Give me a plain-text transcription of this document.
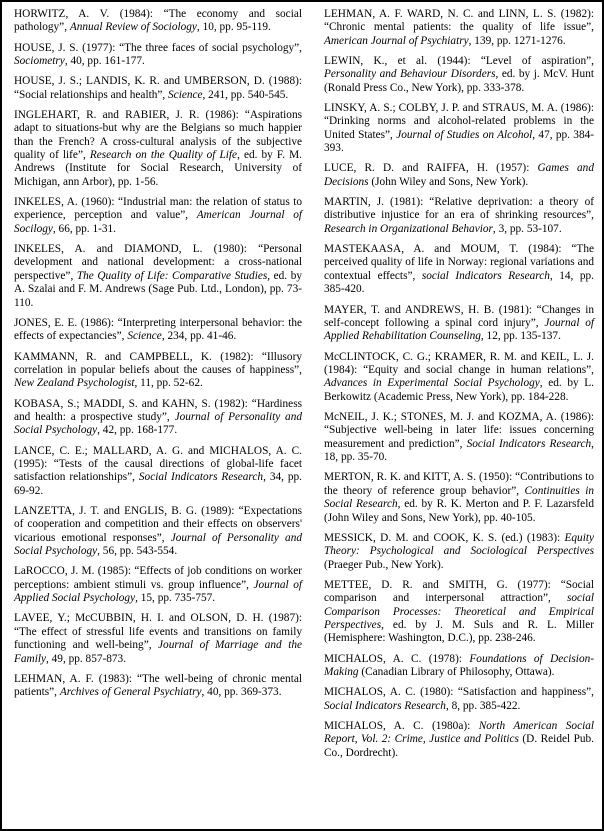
HORWITZ, A. V. (1984): “The economy and social pathology”, Annual Review of Sociology, 10, pp. 95-119.

HOUSE, J. S. (1977): “The three faces of social psychology”, Sociometry, 40, pp. 161-177.

HOUSE, J. S.; LANDIS, K. R. and UMBERSON, D. (1988): “Social relationships and health”, Science, 241, pp. 540-545.

INGLEHART, R. and RABIER, J. R. (1986): “Aspirations adapt to situations-but why are the Belgians so much happier than the French? A cross-cultural analysis of the subjective quality of life”, Research on the Quality of Life, ed. by F. M. Andrews (Institute for Social Research, University of Michigan, ann Arbor), pp. 1-56.

INKELES, A. (1960): “Industrial man: the relation of status to experience, perception and value”, American Journal of Socilogy, 66, pp. 1-31.

INKELES, A. and DIAMOND, L. (1980): “Personal development and national development: a cross-national perspective”, The Quality of Life: Comparative Studies, ed. by A. Szalai and F. M. Andrews (Sage Pub. Ltd., London), pp. 73-110.

JONES, E. E. (1986): “Interpreting interpersonal behavior: the effects of expectancies”, Science, 234, pp. 41-46.

KAMMANN, R. and CAMPBELL, K. (1982): “Illusory correlation in popular beliefs about the causes of happiness”, New Zealand Psychologist, 11, pp. 52-62.

KOBASA, S.; MADDI, S. and KAHN, S. (1982): “Hardiness and health: a prospective study”, Journal of Personality and Social Psychology, 42, pp. 168-177.

LANCE, C. E.; MALLARD, A. G. and MICHALOS, A. C. (1995): “Tests of the causal directions of global-life facet satisfaction relationships”, Social Indicators Research, 34, pp. 69-92.

LANZETTA, J. T. and ENGLIS, B. G. (1989): “Expectations of cooperation and competition and their effects on observers' vicarious emotional responses”, Journal of Personality and Social Psychology, 56, pp. 543-554.

LaROCCO, J. M. (1985): “Effects of job conditions on worker perceptions: ambient stimuli vs. group influence”, Journal of Applied Social Psychology, 15, pp. 735-757.

LAVEE, Y.; McCUBBIN, H. I. and OLSON, D. H. (1987): “The effect of stressful life events and transitions on family functioning and well-being”, Journal of Marriage and the Family, 49, pp. 857-873.

LEHMAN, A. F. (1983): “The well-being of chronic mental patients”, Archives of General Psychiatry, 40, pp. 369-373.

LEHMAN, A. F. WARD, N. C. and LINN, L. S. (1982): “Chronic mental patients: the quality of life issue”, American Journal of Psychiatry, 139, pp. 1271-1276.

LEWIN, K., et al. (1944): “Level of aspiration”, Personality and Behaviour Disorders, ed. by j. McV. Hunt (Ronald Press Co., New York), pp. 333-378.

LINSKY, A. S.; COLBY, J. P. and STRAUS, M. A. (1986): “Drinking norms and alcohol-related problems in the United States”, Journal of Studies on Alcohol, 47, pp. 384-393.

LUCE, R. D. and RAIFFA, H. (1957): Games and Decisions (John Wiley and Sons, New York).

MARTIN, J. (1981): “Relative deprivation: a theory of distributive injustice for an era of shrinking resources”, Research in Organizational Behavior, 3, pp. 53-107.

MASTEKAASA, A. and MOUM, T. (1984): “The perceived quality of life in Norway: regional variations and contextual effects”, social Indicators Research, 14, pp. 385-420.

MAYER, T. and ANDREWS, H. B. (1981): “Changes in self-concept following a spinal cord injury”, Journal of Applied Rehabilitation Counseling, 12, pp. 135-137.

McCLINTOCK, C. G.; KRAMER, R. M. and KEIL, L. J. (1984): “Equity and social change in human relations”, Advances in Experimental Social Psychology, ed. by L. Berkowitz (Academic Press, New York), pp. 184-228.

McNEIL, J. K.; STONES, M. J. and KOZMA, A. (1986): “Subjective well-being in later life: issues concerning measurement and prediction”, Social Indicators Research, 18, pp. 35-70.

MERTON, R. K. and KITT, A. S. (1950): “Contributions to the theory of reference group behavior”, Continuities in Social Research, ed. by R. K. Merton and P. F. Lazarsfeld (John Wiley and Sons, New York), pp. 40-105.

MESSICK, D. M. and COOK, K. S. (ed.) (1983): Equity Theory: Psychological and Sociological Perspectives (Praeger Pub., New York).

METTEE, D. R. and SMITH, G. (1977): “Social comparison and interpersonal attraction”, social Comparison Processes: Theoretical and Empirical Perspectives, ed. by J. M. Suls and R. L. Miller (Hemisphere: Washington, D.C.), pp. 238-246.

MICHALOS, A. C. (1978): Foundations of Decision-Making (Canadian Library of Philosophy, Ottawa).

MICHALOS, A. C. (1980): “Satisfaction and happiness”, Social Indicators Research, 8, pp. 385-422.

MICHALOS, A. C. (1980a): North American Social Report, Vol. 2: Crime, Justice and Politics (D. Reidel Pub. Co., Dordrecht).
